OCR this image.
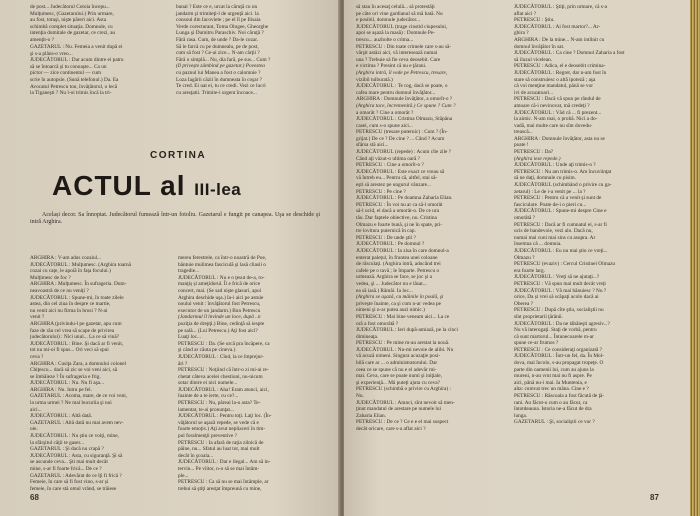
de post... Judecătorul Cotoia începu...

Mulţumesc, (Gazetarului.) Prin urmare,

au fost, totuşi, nişte păreri aici. Asta

schimbă complet situaţia. Domnule, cu

intenţia dumitale de gazetar, ce crezi, au

amenţit-o ?

GAZETARUL : Nu. Femeia a venit după ei

şi s-a plâns-o vreo...

JUDECĂTORUL : Dar acum dintre ei patru

să se întoarcă şi tu conoaşte... Ca un

pictor — zice continentul — cum

scrie în autopsie. (Sună telefonul.) Da. Ea

Avocatul Petrescu ton, învățătorul, o lecă

la Tiganeşti ? Nu l-oi trimis încă la tri-

bunal ? Este ce e, urcat la căruţă cu un

jandarm şi trimiteţi-l de urgenţă aici. la

consoul din Iacoviete ; pe el îl pe Ilisaia

Verde corecturant, Toma Ologee, Gheorghe

Lunga şi Dumitru Paraschiv. Noi căruţă ?

Fără rasa. Cum, de unde ? Da-le cozar.

Să le farcă cu pe dumnealu, pe de post,

cum să fost ? Ce-ai zice... N-am cărţii ?

Fără o simplă... Nu, dia fară, pe sus... Cum ?

(Il privește zâmbind pe gazetar.) Povestea

cu paznul lui Manea a fost o calomnie ?

Loza Iagârii căzii în dumneata în coşar ?

Te cred. Ei uat ei, tu ce credi. Vezi ce lucri

cu aresţatii. Trimite-i urgent încoace...

CORTINA
ACTUL al III-lea
Același decor. Sa înnoptat. Judecătorul fumează într-un fotoliu. Gazetarul e fungit pe canapea. Uşa se deschide şi intră Arghira.

ARGHIRA : V-am adus cozaiul...

JUDECĂTORUL : Mulţumesc. (Arghira toarnă

cozai cu cațe, le apoiă în fața focului.)

Mulţimesc de foc ?

ARGHIRA : Mulţumesc. În sufrageria. Dum-

neavoastră de ce nu veniţi ?

JUDECĂTORUL : Spune-mi, în toate zilele

astea, din cel ziua în despre ce martie,

nu venit aici nu firma în brosi ? N-ai

venit ?

ARGHIRA (privindu-l pe gazetar, apu cum

faze de rău cel vrea să scape de privirea

judecătorului) : Nici unul... La ce să vină?

JUDECĂTORUL : Bine. Şi dacă ar fi venit,

tot nu mi-oi fi spus... Ori veci să spui

ceva ?

ARGHIRA : Cusiţa Zara, a domnului colonel

Chiţescu... dacă să zic se voi veni aici, să

se îmbăieze ? În sufrageria e frig.

JUDECĂTORUL : Nu. Nu fi aşa...

ARGHIRA : Nu. Intru pe fel.

GAZETARUL : Acoma, mare, de ce voi veni,

la urma urmei ? Ne mai bucuriia şi noi

aici...

JUDECĂTORUL : Altă dată.

GAZETARUL : Altă dată nu mai avem nev-

oie.

JUDECĂTORUL : Nu ştiu ce voiţi, mine,

la sfârşitul căţii te gaser...

GAZETARUL : Şi dacă nu crapă ?

JUDECĂTORUL : Asta, cu siguranţă. Şi să

se ascunde ceva... Şti mai mult decât

mine, s-ar fi foarte frică... De ce ?

GAZETARUL : Adevărat de ce îţi fi frică ?

Femeie, în care să fi fost vino, s-ar și

femeie, în care stă omul vrând, se trăiese

mereu ferestrele, ca într-o noastră de Poe,

bântuie mulimea fasciculă şi lasă cliasii o

tragedie...

JUDECĂTORUL : Nu e o ţesut de-a, ro-

manţiș și ameţidorul. Îi e frică de orice

concert, mai. (Se sad nişte glasuri, apoi

Arghira deschide uşa.) Ia-i aici pe astuie

noului venit : învăţătorul fost Petrescu,

executor de un jandarm.) Bun Petrescu

(Jandarmul îl învinde un loce, după ..n

poziţia de drepţi.) Bine, cedinţă să iespte

pe sală... (Lui Petrescu.) Aţi fost aici?

Luaţi loc...

PETRESCU : Da. (Se urcă pra încăpere, ca

şi când ar căuta pe cineva.)

JUDECĂTORUL : Cînd, la ce împrejur-

ări ?

PETRESCU : Noţiind că într-o zi mi-ai re-

chetat câteva acelei chestiuni, nu-nicum

sotar dintre ei nici numele...

JUDECĂTORUL : Aha! Eram atunci, aici,

înainte de a te ierte, cu ce?...

PETRESCU : Nu, păreai la-o asta? Te-

lamentat, te-ai pronunţat...

JUDECĂTORUL : Pentru toţi. Laţi loc. (În-

văţătorul se aşază repede, se vede că e

foarte emoţiv.) Aţi avut nepliaceri în tim-

pul foralmenţii preventive ?

PETRESCU : Ia afară de raţia zilnică de

pâine, nu... Sfatul au luat tot, mai mult

decât în şcoala...

JUDECĂTORUL : Dar e ilegal... Am să in-

tervin... Pe viitor, n-o să se mai întâm-

ple...

PETRESCU : Ca să nu se mai întâmple, ar

trebui să ştiţi aresţat împreună cu mine,

68

să stau în acesaţ celulă... să protestăţi

pe câte ori vine gardianul să mă bată. Nu

e posibil, domnule judecător...

JUDECĂTORUL (trage cinstid ciupesului,

apoi se aşază la masă) : Domnule Pe-

trescu... auzholte o crima...

PETRESCU : Din toate crimele care s-au să-

vârşit astăzi aici, vă interesează numai

una ? Trebuie să fie ceva deosebit. Care

e victima ? Presint că nu e ţărani.

(Arghira intră, îl vede pe Petrescu, tresare,

vizibil tulburată.)

JUDECĂTORUL : Te rog, dacă se poate, o

cafea mare pentru domnul învăţător...

ARGHIRA : Domnule învăţător, a omorît-o ?

(Arghira tace, încremenită.) Ce spune ? Cum ?

a omorât ? Cine a omorât ?

JUDECĂTORUL : Cristina Olmazu, Stăpâna

casei, cum s-o spune aici...

PETRESCU (tresare puternic) : Cum ? (În-

grijat.) De ce ? De cine ? ... Când ? Acum

sfârsa stă aici...

JUDECĂTORUL (repede) : Acum cîte zile ?

Când aţi văzut-o ultima oară ?

PETRESCU : Cine a omorît-o ?

JUDECĂTORUL : Este exact ce vreau să

vă întreb eu... Pentru că, altfel, stai să-

eşti să arestez pe ungurul vânzare...

PETRESCU : Pe cine ?

JUDECĂTORUL : Pe doamna Zaharia Elian.

PETRESCU : În voi nu ar ca să-l omorât

să-l ucid, el dacă a omorât-o. De ce ura

tău. Dar faptele obiective, nu. Cristina

Olmazu e foarte bună, şi ne în spate, pri-

tre lovitura puternică în cap.

PETRESCU : De unde ştii ?

JUDECĂTORUL : Pe domnul ?

JUDECĂTORUL : Ia zisa în care domnul-a

enterat palețul, în fruntea unei coloane

de răsculaţi. (Arghira intră, aducând trei

cafele pe o tavă ; le împarte. Petrescu o

urmează. Arghira se face, se joc şi a

vedea, şi ... Judecător nu e lăsat...

ea să iasă.) Rămâi. Ia loc...

(Arghira se aşază, cu mâinile în poală, şi

priveşte înainte, ca şi cum n-ar vedea pe

nimeni şi n-ar putea auzi nimic.)

PETRESCU : Mai bine veneam aici... La ce

oră a fost omorâtă ?

JUDECĂTORUL : Ieri după-amiază, pe la cinci

dimineaţa.

PETRESCU : Pe mine m-au arestat la nouă.

JUDECĂTORUL : Nu-mi nevoie de alibi. Nu

vă acuză nimeni. Singura acuzaţie posi-

bilă care ar ... o administratorului. Dar

ceea ce se spune că nu e el adevăr mi-

mai. Ceva, care se poate numi şi iniţiale,

şi experienţă... Mă puteţi ajuta cu ceva?

PETRESCU (schimbă o privire cu Arghira) :

Nu.

JUDECĂTORUL : Atunci, sînt nevoit să men-

ţinut mandatul de arestare pe numele lui

Zaharia Elian.

PETRESCU : De ce ? Ce e e el mai suspect

decât oricare, care s-a aflat aici ?

JUDECĂTORUL : Ştiţi, prin urmare, că s-a

aflat aici ?

PETRESCU : Ştiu.

JUDECĂTORUL : Ai fost martor?... Ar-

ghira ?

ARGHIRA : De la mine... N-am intilnit cu

domnul învăţător în sat.

JUDECĂTORUL : Ca cine ? Domnul Zaharia a fost

să iluzul vicelean.

PETRESCU : Adica, el e deosebit crimina-

JUDECĂTORUL : Regret, dar n-am fost în

stare să construiesc o altă ipoteză ; aşa

că voi menţine mandatul, până se vor

ivi de acuzatoari...

PETRESCU : Dacă vă spun pe rândul de

amoare că-i nevinovat, mă credeţi ?

JUDECĂTORUL : Văd că ... fi prezent...

la aimic. N-am mai, o probă. Nici a do-

vadă, mai multe care nu sînt dovedu-

trească...

ARGHIRA : Domnule învăţător, asta nu se

poate !

PETRESCU : Da?

(Arghira iese repede.)

JUDECĂTORUL : Unde aţi trimis-o ?

PETRESCU : Nu am trimis-o. Am încuviinţat

să ne daţi, domnule cu pisim.

JUDECĂTORUL (schimbând o privire cu ga-

zetarul) : Le de i-a venit pe ... la ?

PETRESCU : Pentru că a venit şi sunt de

fasciculare. Poate de-i o pieri cu...

JUDECĂTORUL : Spune-mi despre Cine e

omorâtă ?

PETRESCU : Dacă ar fi cumnatul ei, s-ar fi

ucis de bandevoie, vezi alo. Dacă nu,

numai mai cuni mai sins cu asupra. Ar

însemna câ ... domnia.

JUDECĂTORUL : Eu nu mai ştiu ce vreţi...

Olmazu ?

PETRESCU (evaziv) : Cercul Cristinei Olmazu

era foarte larg.

JUDECĂTORUL : Vreţi să ne ajutaţi...?

PETRESCU : Vă spun mai mult decât vreţi

JUDECĂTORUL : Vă mai bănuiesc ? Nu ?

orice, Da și vrei să scăpaţi acolo dacă ai

Oberea ?

PETRESCU : După cîte ştiu, socialiştii nu

sînt proprietarii ţărănii.

JUDECĂTORUL : Da ne tăbăieşti agresiv...?

Nu vă interogaţi. Staţi de vorbă, pentru

că sunt martorul... Întunecoarele m-ar

spune ce-ar frumos ?

PETRESCU : Ce consideraţi organizată ?

JUDECĂTORUL : Într-un fel, da. În Mol-

dova, mai încolo, s-au propagat tropeţe. O

parte din oamenii lui, cum au ajuns la

mureni, n-au vrut mai nu fi aspre. Pe

aici, până nu-i mai. Ia Muntenia, e

alta: cumvat trec un mâna. Cine e ?

PETRESCU : Răscoala a fost făcută de ţă-

rani. Au fâcut-o cum o au făcut, ca

întotdeauna. Istoria ne-a făcut de dra

lunga.

GAZETARUL : Şi, socialiştii ce vor ?

87
